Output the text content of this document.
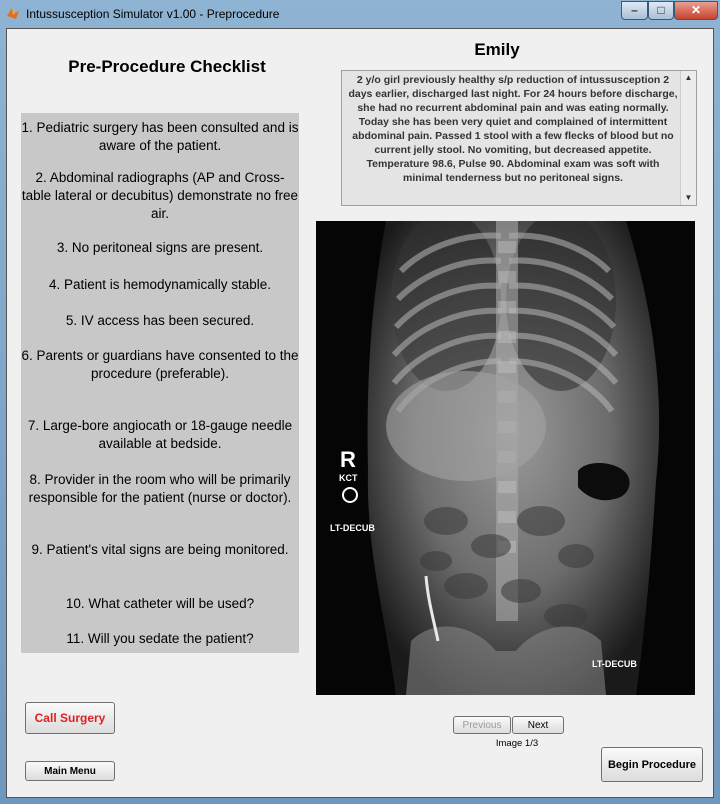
Intussusception Simulator v1.00 - Preprocedure	–	□	✕
Pre-Procedure Checklist
1. Pediatric surgery has been consulted and is aware of the patient.
2. Abdominal radiographs (AP and Cross-table lateral or decubitus) demonstrate no free air.
3. No peritoneal signs are present.
4. Patient is hemodynamically stable.
5. IV access has been secured.
6. Parents or guardians have consented to the procedure (preferable).
7. Large-bore angiocath or 18-gauge needle available at bedside.
8. Provider in the room who will be primarily responsible for the patient (nurse or doctor).
9. Patient's vital signs are being monitored.
10. What catheter will be used?
11. Will you sedate the patient?
Emily
2 y/o girl previously healthy s/p reduction of intussusception 2 days earlier, discharged last night. For 24 hours before discharge, she had no recurrent abdominal pain and was eating normally. Today she has been very quiet and complained of intermittent abdominal pain. Passed 1 stool with a few flecks of blood but no current jelly stool. No vomiting, but decreased appetite. Temperature 98.6, Pulse 90. Abdominal exam was soft with minimal tenderness but no peritoneal signs.
▲
▼
R
KCT
LT-DECUB
LT-DECUB
Call Surgery
Main Menu
Previous	Next
Image 1/3
Begin Procedure
